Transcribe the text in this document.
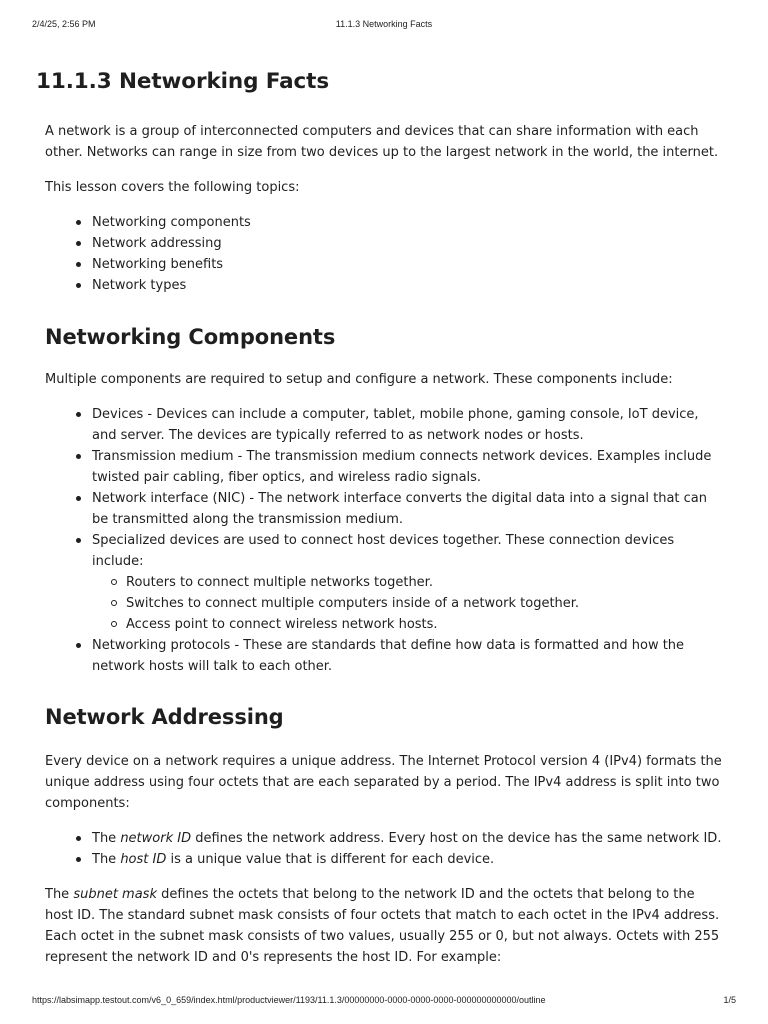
2/4/25, 2:56 PM	11.1.3 Networking Facts
11.1.3 Networking Facts

A network is a group of interconnected computers and devices that can share information with each other. Networks can range in size from two devices up to the largest network in the world, the internet.

This lesson covers the following topics:

Networking components
Network addressing
Networking benefits
Network types
Networking Components

Multiple components are required to setup and configure a network. These components include:

Devices - Devices can include a computer, tablet, mobile phone, gaming console, IoT device, and server. The devices are typically referred to as network nodes or hosts.
Transmission medium - The transmission medium connects network devices. Examples include twisted pair cabling, fiber optics, and wireless radio signals.
Network interface (NIC) - The network interface converts the digital data into a signal that can be transmitted along the transmission medium.
Specialized devices are used to connect host devices together. These connection devices include:
Routers to connect multiple networks together.
Switches to connect multiple computers inside of a network together.
Access point to connect wireless network hosts.
Networking protocols - These are standards that define how data is formatted and how the network hosts will talk to each other.
Network Addressing

Every device on a network requires a unique address. The Internet Protocol version 4 (IPv4) formats the unique address using four octets that are each separated by a period. The IPv4 address is split into two components:

The network ID defines the network address. Every host on the device has the same network ID.
The host ID is a unique value that is different for each device.

The subnet mask defines the octets that belong to the network ID and the octets that belong to the host ID. The standard subnet mask consists of four octets that match to each octet in the IPv4 address. Each octet in the subnet mask consists of two values, usually 255 or 0, but not always. Octets with 255 represent the network ID and 0's represents the host ID. For example:

https://labsimapp.testout.com/v6_0_659/index.html/productviewer/1193/11.1.3/00000000-0000-0000-0000-000000000000/outline	1/5
